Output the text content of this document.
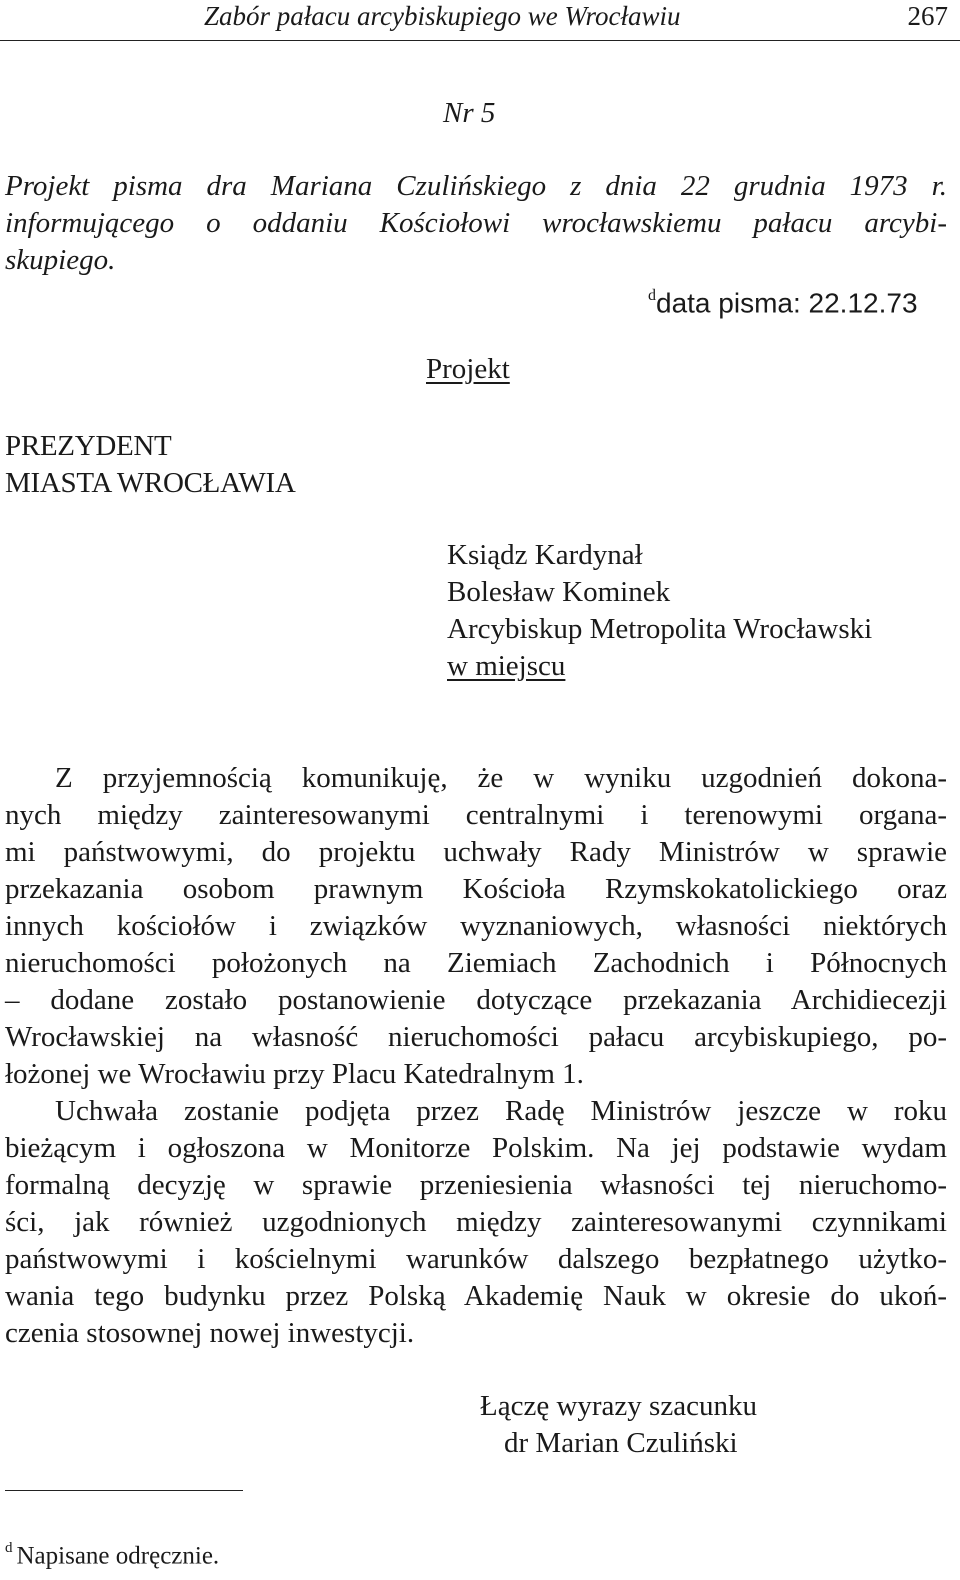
Zabór pałacu arcybiskupiego we Wrocławiu	267
Nr 5
Projekt pisma dra Mariana Czulińskiego z dnia 22 grudnia 1973 r.
informującego o oddaniu Kościołowi wrocławskiemu pałacu arcybi-
skupiego.
$^d$data pisma: 22.12.73
Projekt
PREZYDENT
MIASTA WROCŁAWIA
Ksiądz Kardynał
Bolesław Kominek
Arcybiskup Metropolita Wrocławski
w miejscu

Z przyjemnością komunikuję, że w wyniku uzgodnień dokona-
nych między zainteresowanymi centralnymi i terenowymi organa-
mi państwowymi, do projektu uchwały Rady Ministrów w sprawie
przekazania osobom prawnym Kościoła Rzymskokatolickiego oraz
innych kościołów i związków wyznaniowych, własności niektórych
nieruchomości położonych na Ziemiach Zachodnich i Północnych
– dodane zostało postanowienie dotyczące przekazania Archidiecezji
Wrocławskiej na własność nieruchomości pałacu arcybiskupiego, po-
łożonej we Wrocławiu przy Placu Katedralnym 1.

Uchwała zostanie podjęta przez Radę Ministrów jeszcze w roku
bieżącym i ogłoszona w Monitorze Polskim. Na jej podstawie wydam
formalną decyzję w sprawie przeniesienia własności tej nieruchomo-
ści, jak również uzgodnionych między zainteresowanymi czynnikami
państwowymi i kościelnymi warunków dalszego bezpłatnego użytko-
wania tego budynku przez Polską Akademię Nauk w okresie do ukoń-
czenia stosownej nowej inwestycji.

Łączę wyrazy szacunku
dr Marian Czuliński
$^d$ Napisane odręcznie.
